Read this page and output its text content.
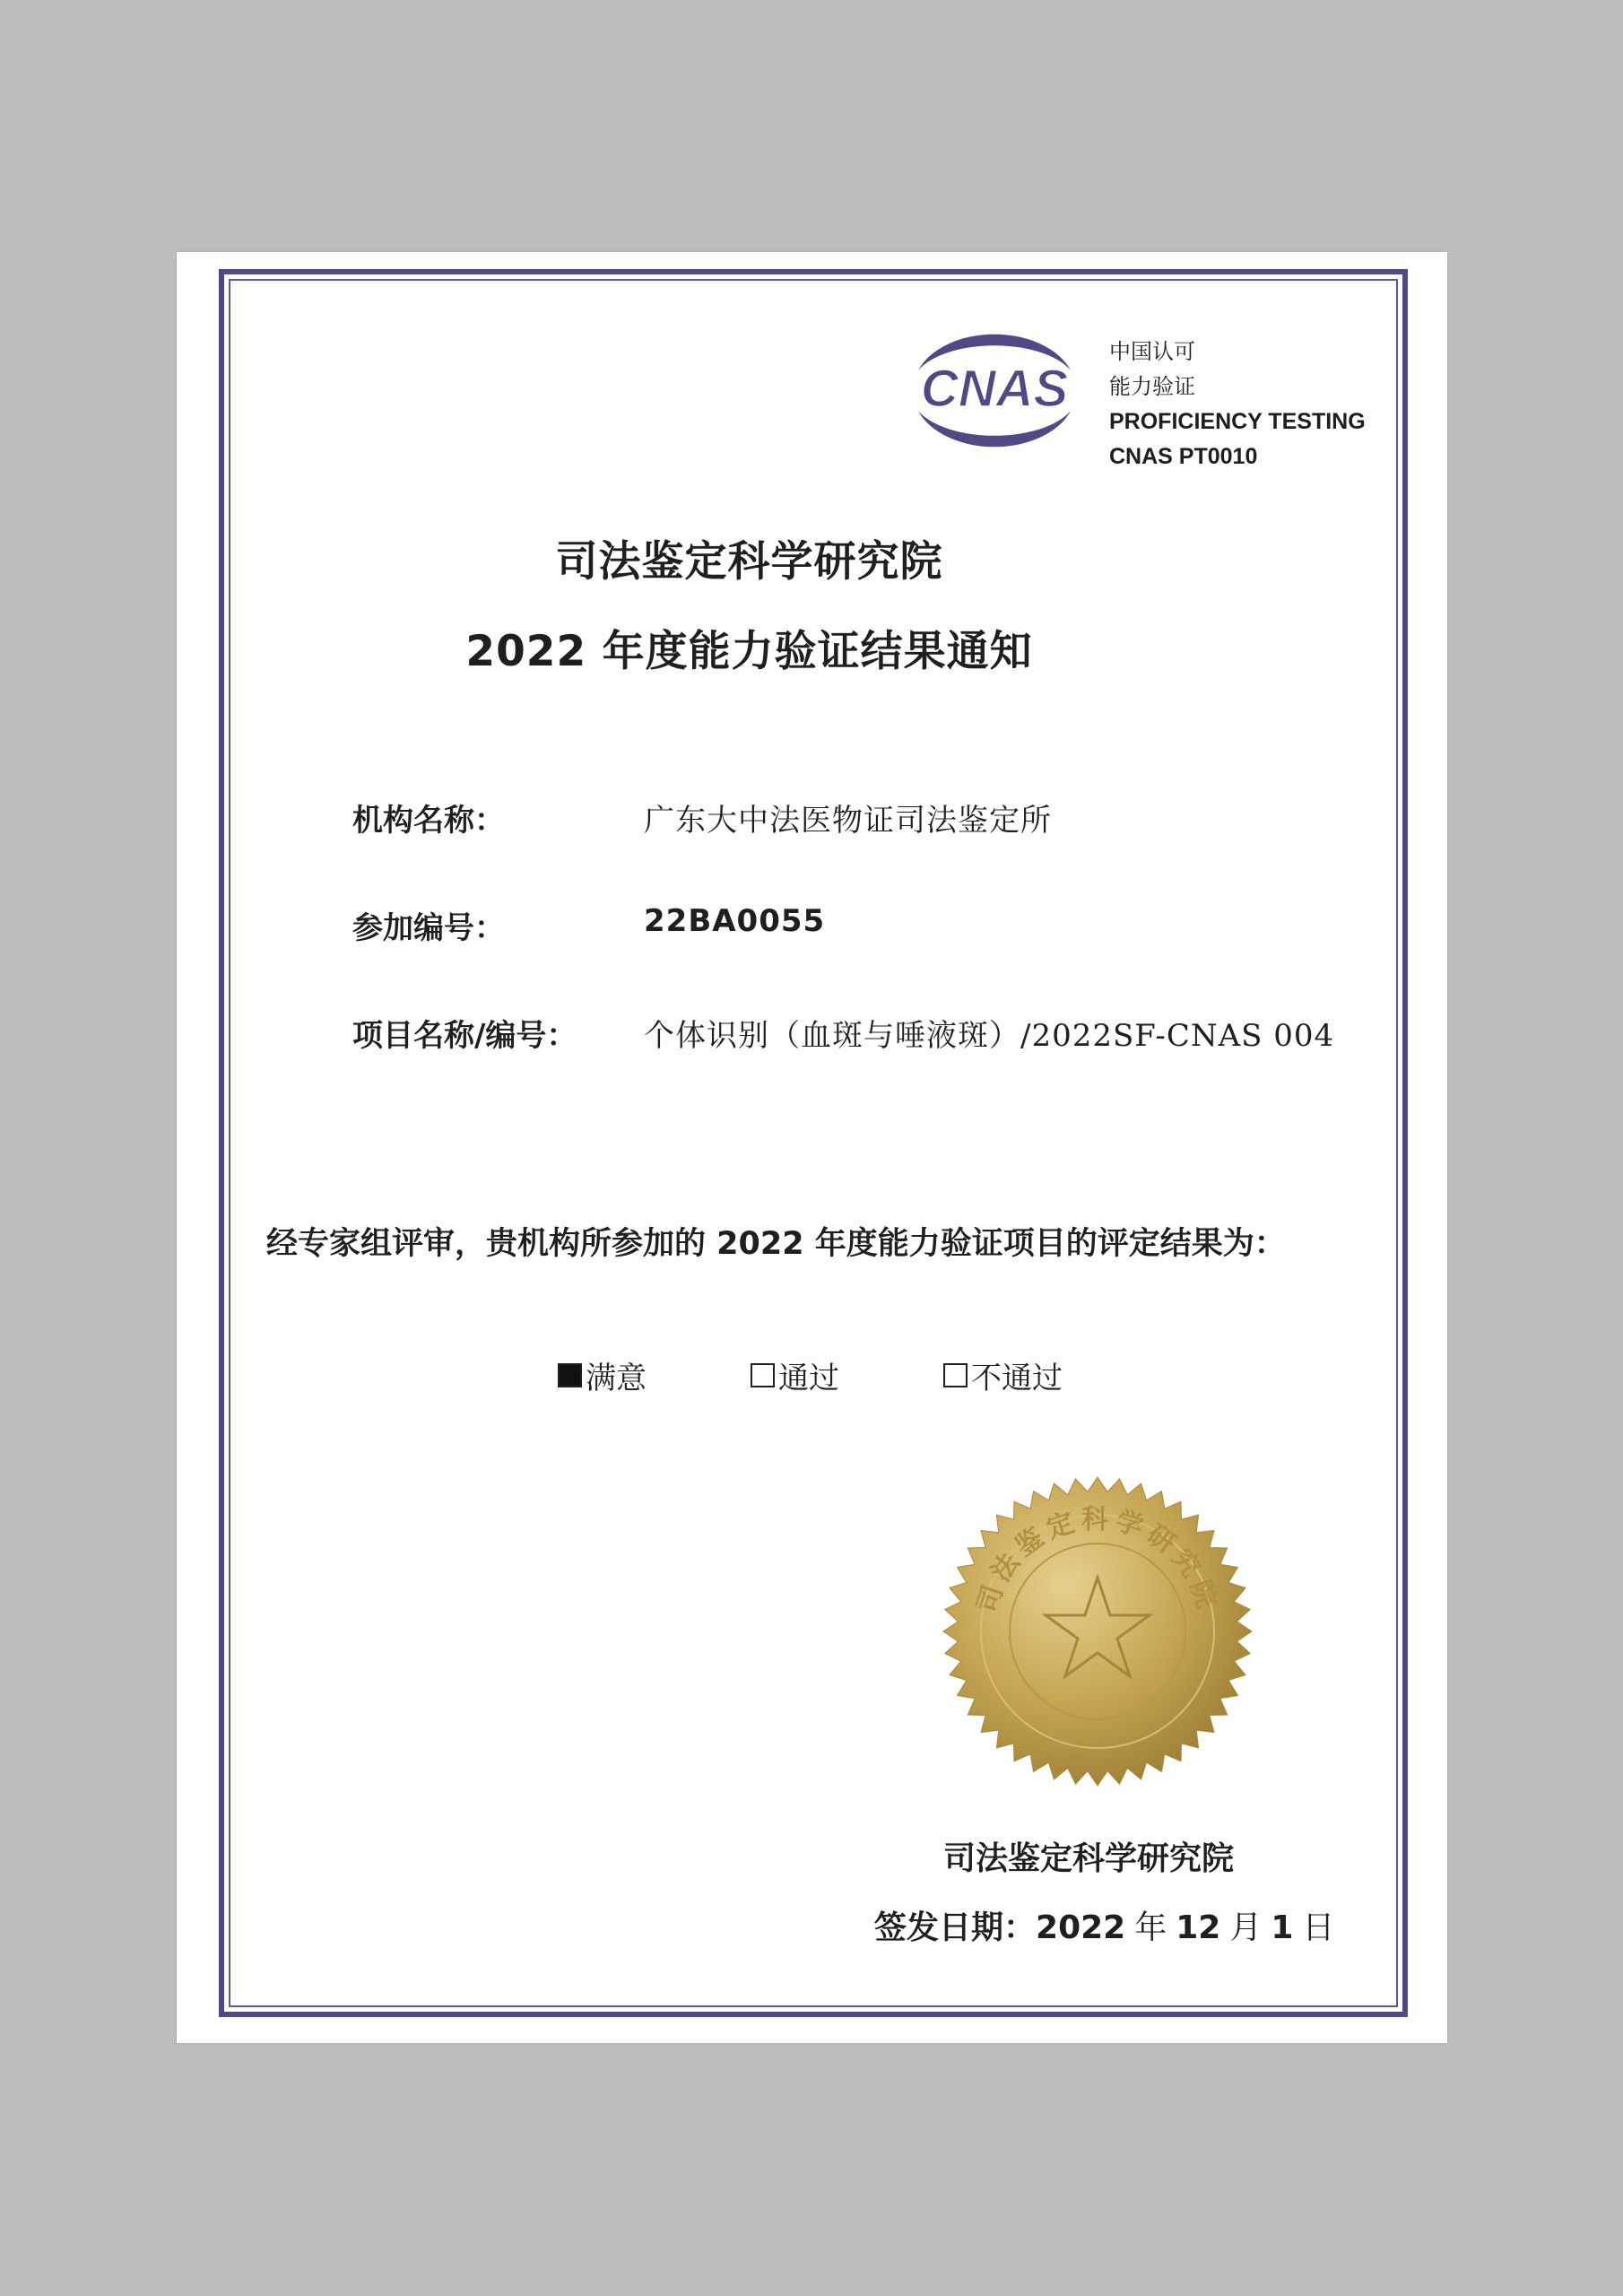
CNAS
中国认可
能力验证
PROFICIENCY TESTING
CNAS PT0010
司法鉴定科学研究院
2022 年度能力验证结果通知
机构名称：	广东大中法医物证司法鉴定所
参加编号：	22BA0055
项目名称/编号： 个体识别（血斑与唾液斑）/2022SF-CNAS 004
经专家组评审，贵机构所参加的 2022 年度能力验证项目的评定结果为：
满意	通过	不通过
司法鉴定科学研究院
司法鉴定科学研究院
签发日期： 2022 年 12 月 1 日
